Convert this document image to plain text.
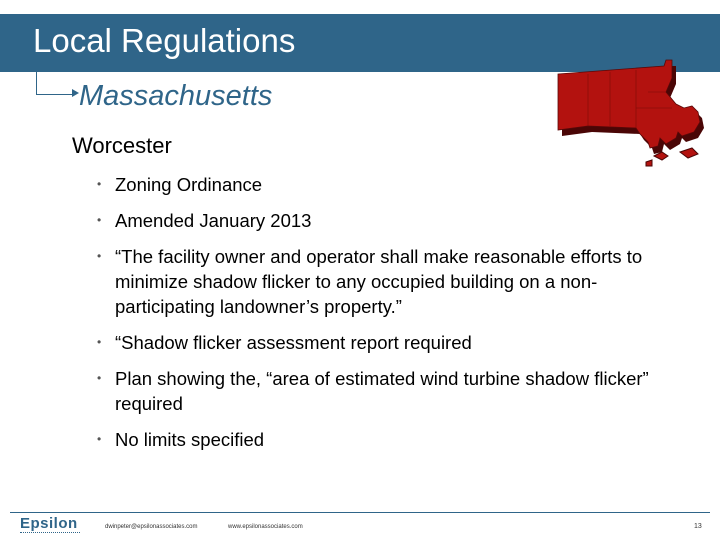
Local Regulations
Massachusetts
Worcester
• Zoning Ordinance
• Amended January 2013
• “The facility owner and operator shall make reasonable efforts to minimize shadow flicker to any occupied building on a non-participating landowner’s property.”
• “Shadow flicker assessment report required
• Plan showing the, “area of estimated wind turbine shadow flicker” required
• No limits specified
Epsilon	dwinpeter@epsilonassociates.com	www.epsilonassociates.com	13
